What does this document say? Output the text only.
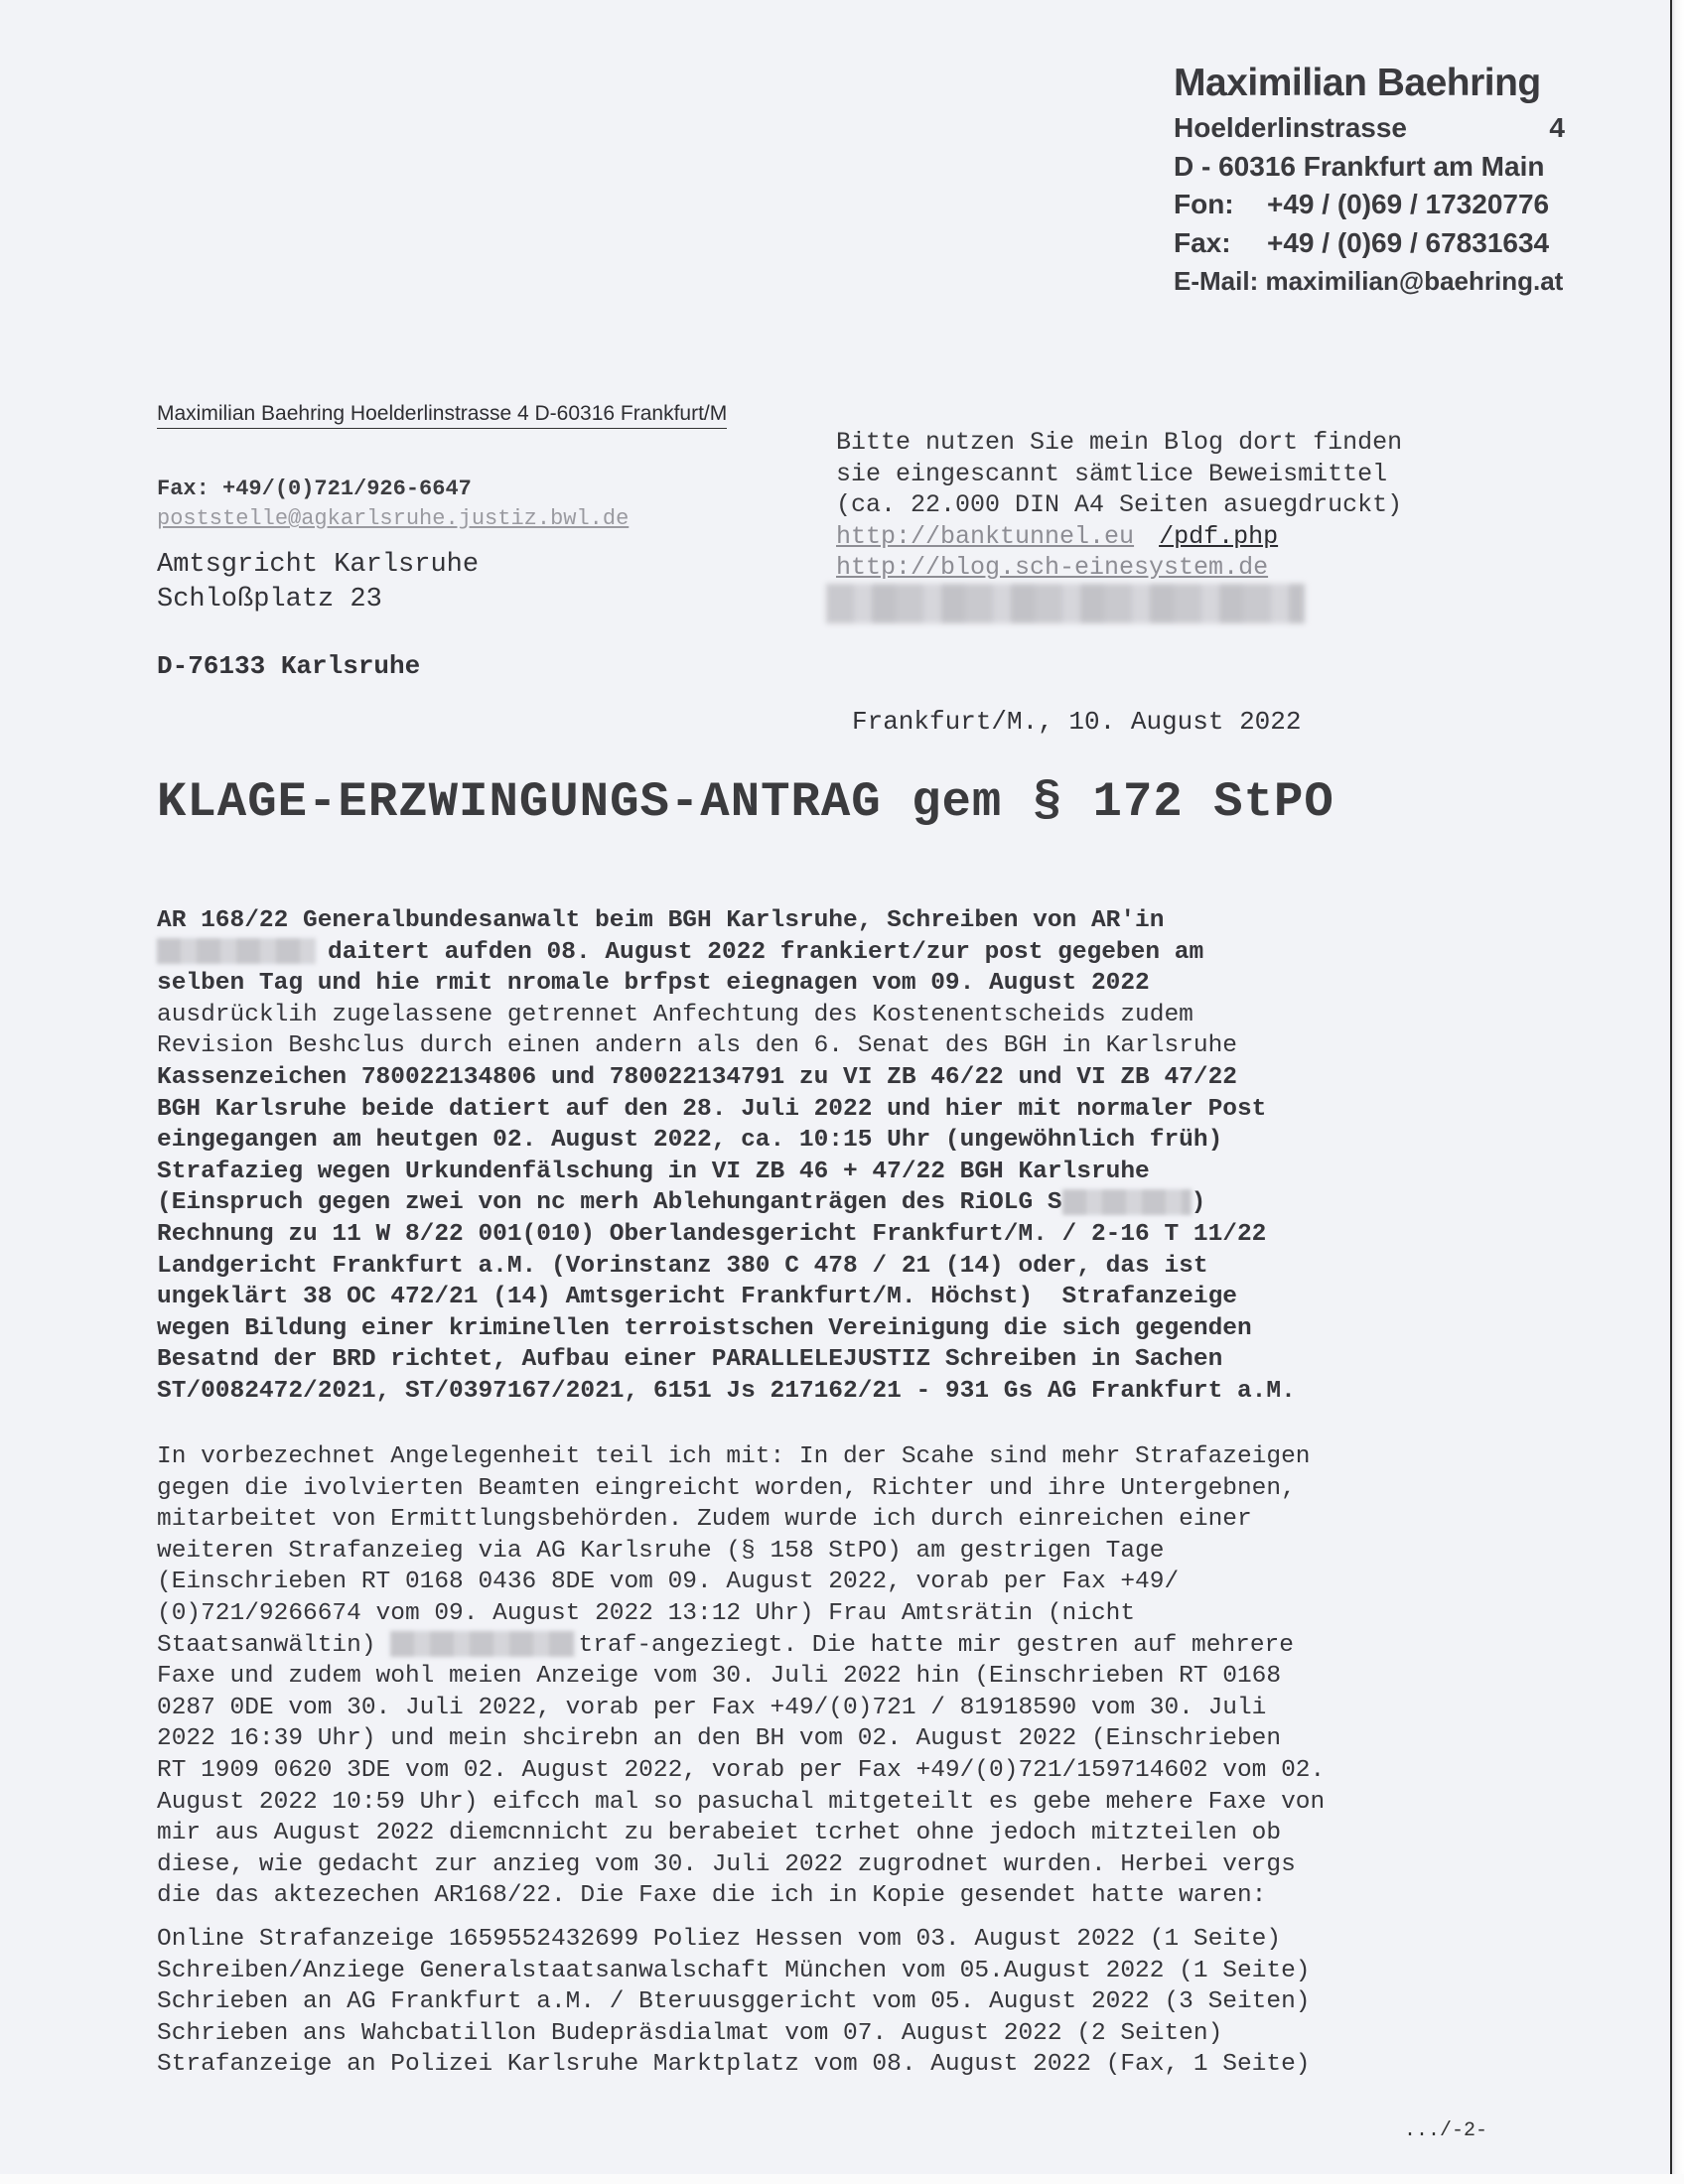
Maximilian Baehring
Hoelderlinstrasse	4
D - 60316 Frankfurt am Main
Fon:	+49 / (0)69 / 17320776
Fax:	+49 / (0)69 / 67831634
E-Mail: maximilian@baehring.at
Maximilian Baehring Hoelderlinstrasse 4 D-60316 Frankfurt/M
Fax: +49/(0)721/926-6647
poststelle@agkarlsruhe.justiz.bwl.de
Amtsgricht Karlsruhe
Schloßplatz 23
D-76133 Karlsruhe
Bitte nutzen Sie mein Blog dort finden
sie eingescannt sämtlice Beweismittel
(ca. 22.000 DIN A4 Seiten asuegdruckt)
http://banktunnel.eu /pdf.php
http://blog.sch-einesystem.de
Frankfurt/M., 10. August 2022
KLAGE-ERZWINGUNGS-ANTRAG gem § 172 StPO
AR 168/22 Generalbundesanwalt beim BGH Karlsruhe, Schreiben von AR'in
daitert aufden 08. August 2022 frankiert/zur post gegeben am
selben Tag und hie rmit nromale brfpst eiegnagen vom 09. August 2022
ausdrücklih zugelassene getrennet Anfechtung des Kostenentscheids zudem
Revision Beshclus durch einen andern als den 6. Senat des BGH in Karlsruhe
Kassenzeichen 780022134806 und 780022134791 zu VI ZB 46/22 und VI ZB 47/22
BGH Karlsruhe beide datiert auf den 28. Juli 2022 und hier mit normaler Post
eingegangen am heutgen 02. August 2022, ca. 10:15 Uhr (ungewöhnlich früh)
Strafazieg wegen Urkundenfälschung in VI ZB 46 + 47/22 BGH Karlsruhe
(Einspruch gegen zwei von nc merh Ablehunganträgen des RiOLG S	)
Rechnung zu 11 W 8/22 001(010) Oberlandesgericht Frankfurt/M. / 2-16 T 11/22
Landgericht Frankfurt a.M. (Vorinstanz 380 C 478 / 21 (14) oder, das ist
ungeklärt 38 OC 472/21 (14) Amtsgericht Frankfurt/M. Höchst)  Strafanzeige
wegen Bildung einer kriminellen terroistschen Vereinigung die sich gegenden
Besatnd der BRD richtet, Aufbau einer PARALLELEJUSTIZ Schreiben in Sachen
ST/0082472/2021, ST/0397167/2021, 6151 Js 217162/21 - 931 Gs AG Frankfurt a.M.
In vorbezechnet Angelegenheit teil ich mit: In der Scahe sind mehr Strafazeigen
gegen die ivolvierten Beamten eingreicht worden, Richter und ihre Untergebnen,
mitarbeitet von Ermittlungsbehörden. Zudem wurde ich durch einreichen einer
weiteren Strafanzeieg via AG Karlsruhe (§ 158 StPO) am gestrigen Tage
(Einschrieben RT 0168 0436 8DE vom 09. August 2022, vorab per Fax +49/
(0)721/9266674 vom 09. August 2022 13:12 Uhr) Frau Amtsrätin (nicht
Staatsanwältin)	traf-angeziegt. Die hatte mir gestren auf mehrere
Faxe und zudem wohl meien Anzeige vom 30. Juli 2022 hin (Einschrieben RT 0168
0287 0DE vom 30. Juli 2022, vorab per Fax +49/(0)721 / 81918590 vom 30. Juli
2022 16:39 Uhr) und mein shcirebn an den BH vom 02. August 2022 (Einschrieben
RT 1909 0620 3DE vom 02. August 2022, vorab per Fax +49/(0)721/159714602 vom 02.
August 2022 10:59 Uhr) eifcch mal so pasuchal mitgeteilt es gebe mehere Faxe von
mir aus August 2022 diemcnnicht zu berabeiet tcrhet ohne jedoch mitzteilen ob
diese, wie gedacht zur anzieg vom 30. Juli 2022 zugrodnet wurden. Herbei vergs
die das aktezechen AR168/22. Die Faxe die ich in Kopie gesendet hatte waren:
Online Strafanzeige 1659552432699 Poliez Hessen vom 03. August 2022 (1 Seite)
Schreiben/Anziege Generalstaatsanwalschaft München vom 05.August 2022 (1 Seite)
Schrieben an AG Frankfurt a.M. / Bteruusggericht vom 05. August 2022 (3 Seiten)
Schrieben ans Wahcbatillon Budepräsdialmat vom 07. August 2022 (2 Seiten)
Strafanzeige an Polizei Karlsruhe Marktplatz vom 08. August 2022 (Fax, 1 Seite)
.../-2-
